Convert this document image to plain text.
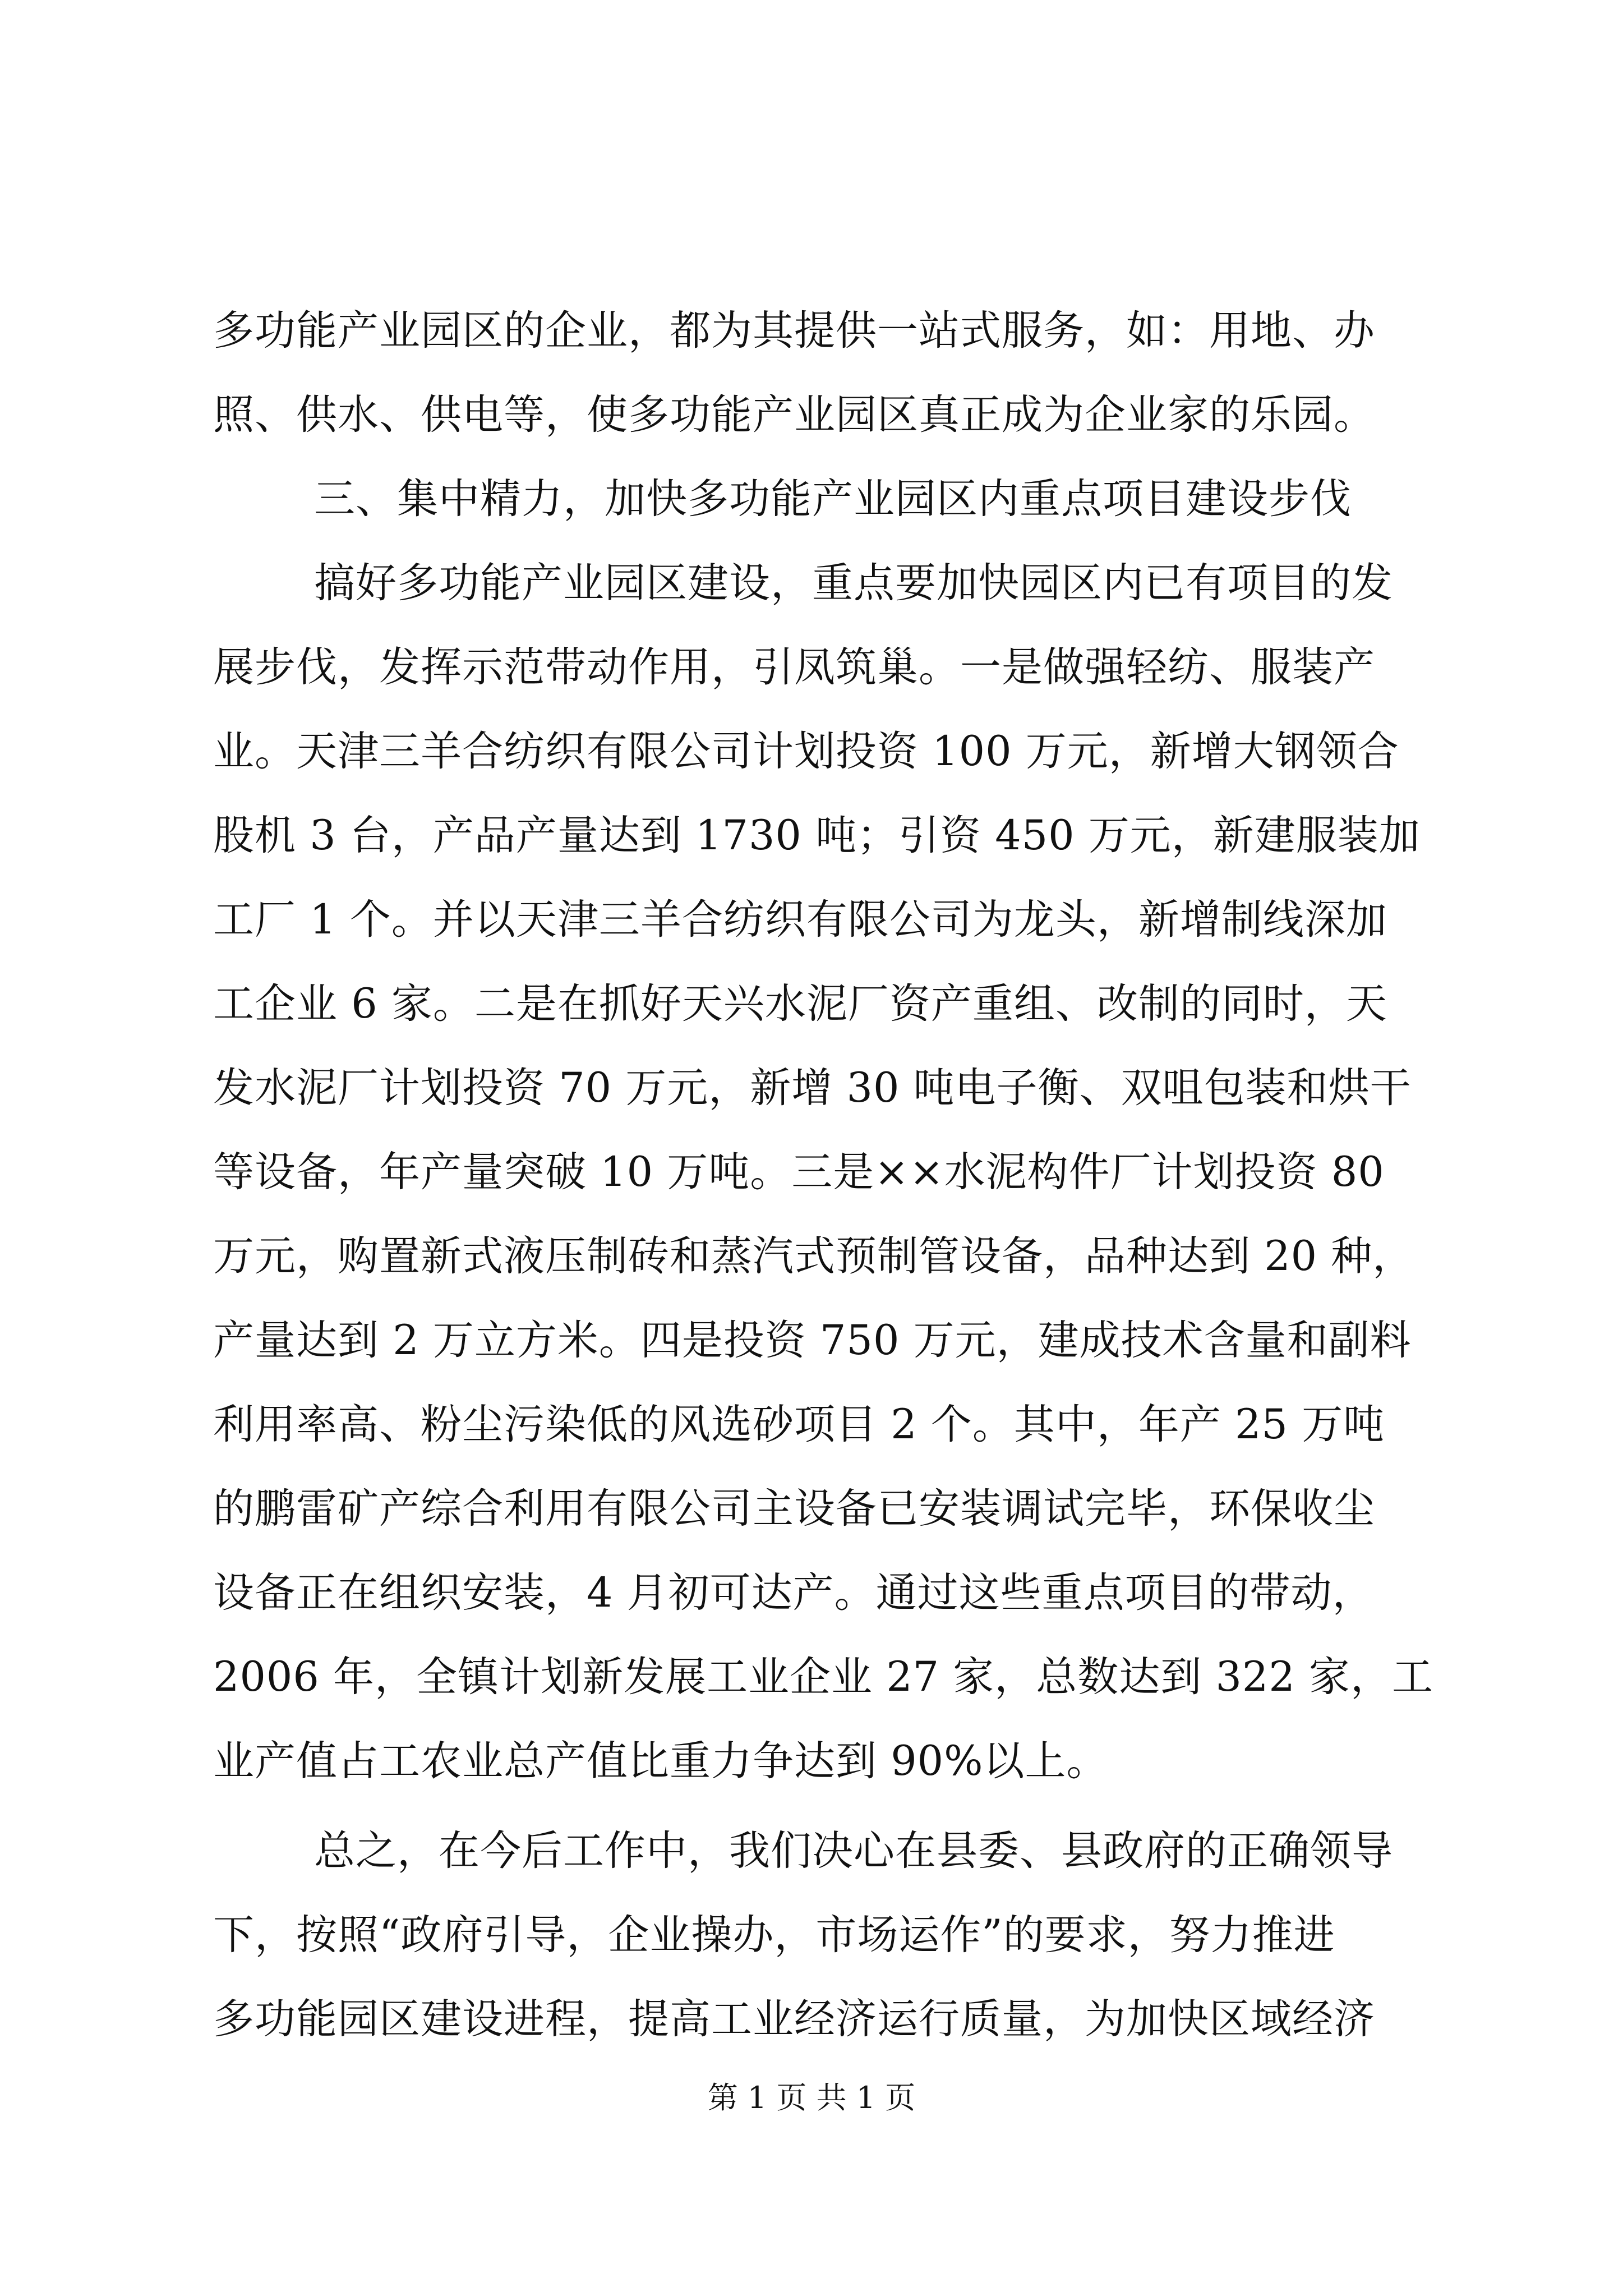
多功能产业园区的企业，都为其提供一站式服务，如：用地、办

照、供水、供电等，使多功能产业园区真正成为企业家的乐园。

三、集中精力，加快多功能产业园区内重点项目建设步伐

搞好多功能产业园区建设，重点要加快园区内已有项目的发

展步伐，发挥示范带动作用，引凤筑巢。一是做强轻纺、服装产

业。天津三羊合纺织有限公司计划投资 100 万元，新增大钢领合

股机 3 台，产品产量达到 1730 吨；引资 450 万元，新建服装加

工厂 1 个。并以天津三羊合纺织有限公司为龙头，新增制线深加

工企业 6 家。二是在抓好天兴水泥厂资产重组、改制的同时，天

发水泥厂计划投资 70 万元，新增 30 吨电子衡、双咀包装和烘干

等设备，年产量突破 10 万吨。三是××水泥构件厂计划投资 80

万元，购置新式液压制砖和蒸汽式预制管设备，品种达到 20 种，

产量达到 2 万立方米。四是投资 750 万元，建成技术含量和副料

利用率高、粉尘污染低的风选砂项目 2 个。其中，年产 25 万吨

的鹏雷矿产综合利用有限公司主设备已安装调试完毕，环保收尘

设备正在组织安装，4 月初可达产。通过这些重点项目的带动，

2006 年，全镇计划新发展工业企业 27 家，总数达到 322 家，工

业产值占工农业总产值比重力争达到 90%以上。

总之，在今后工作中，我们决心在县委、县政府的正确领导

下，按照“政府引导，企业操办，市场运作”的要求，努力推进

多功能园区建设进程，提高工业经济运行质量，为加快区域经济

第 1 页 共 1 页
